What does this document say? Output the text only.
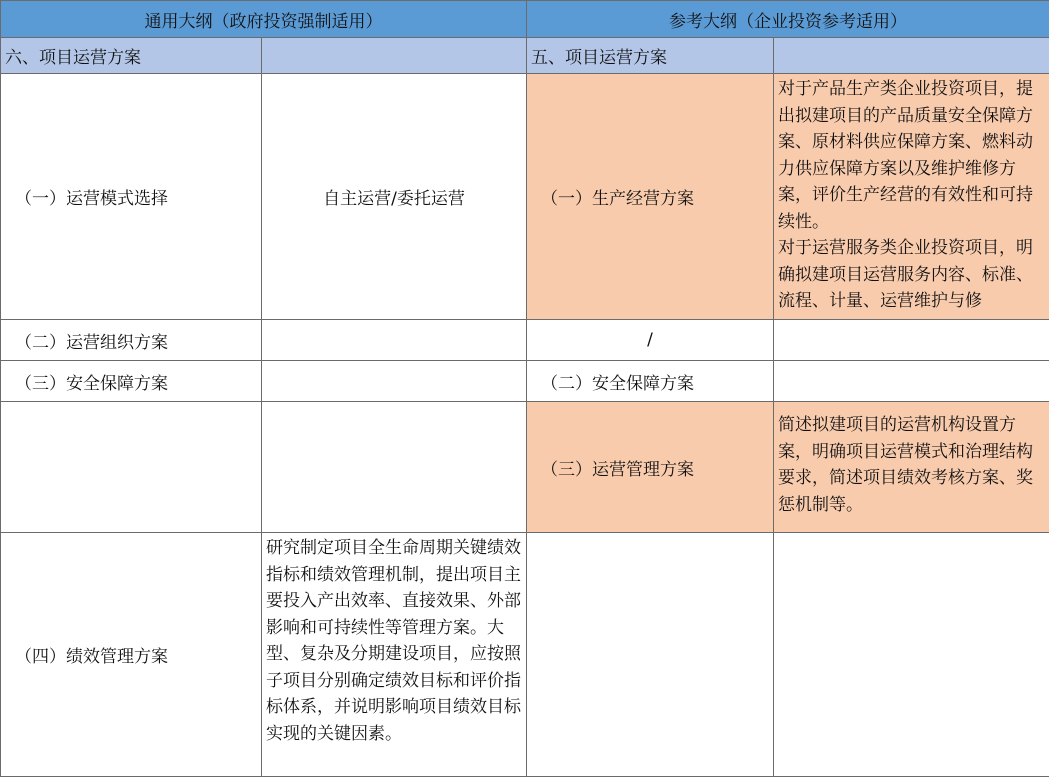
通用大纲（政府投资强制适用）		参考大纲（企业投资参考适用）	
六、项目运营方案		五、项目运营方案	
（一）运营模式选择	自主运营/委托运营	（一）生产经营方案	对于产品生产类企业投资项目，提出拟建项目的产品质量安全保障方案、原材料供应保障方案、燃料动力供应保障方案以及维护维修方案，评价生产经营的有效性和可持续性。
对于运营服务类企业投资项目，明确拟建项目运营服务内容、标准、流程、计量、运营维护与修

（二）运营组织方案		/	
（三）安全保障方案		（二）安全保障方案	
		（三）运营管理方案	简述拟建项目的运营机构设置方案，明确项目运营模式和治理结构要求，简述项目绩效考核方案、奖惩机制等。
（四）绩效管理方案	研究制定项目全生命周期关键绩效指标和绩效管理机制，提出项目主要投入产出效率、直接效果、外部影响和可持续性等管理方案。大型、复杂及分期建设项目，应按照子项目分别确定绩效目标和评价指标体系，并说明影响项目绩效目标实现的关键因素。		
